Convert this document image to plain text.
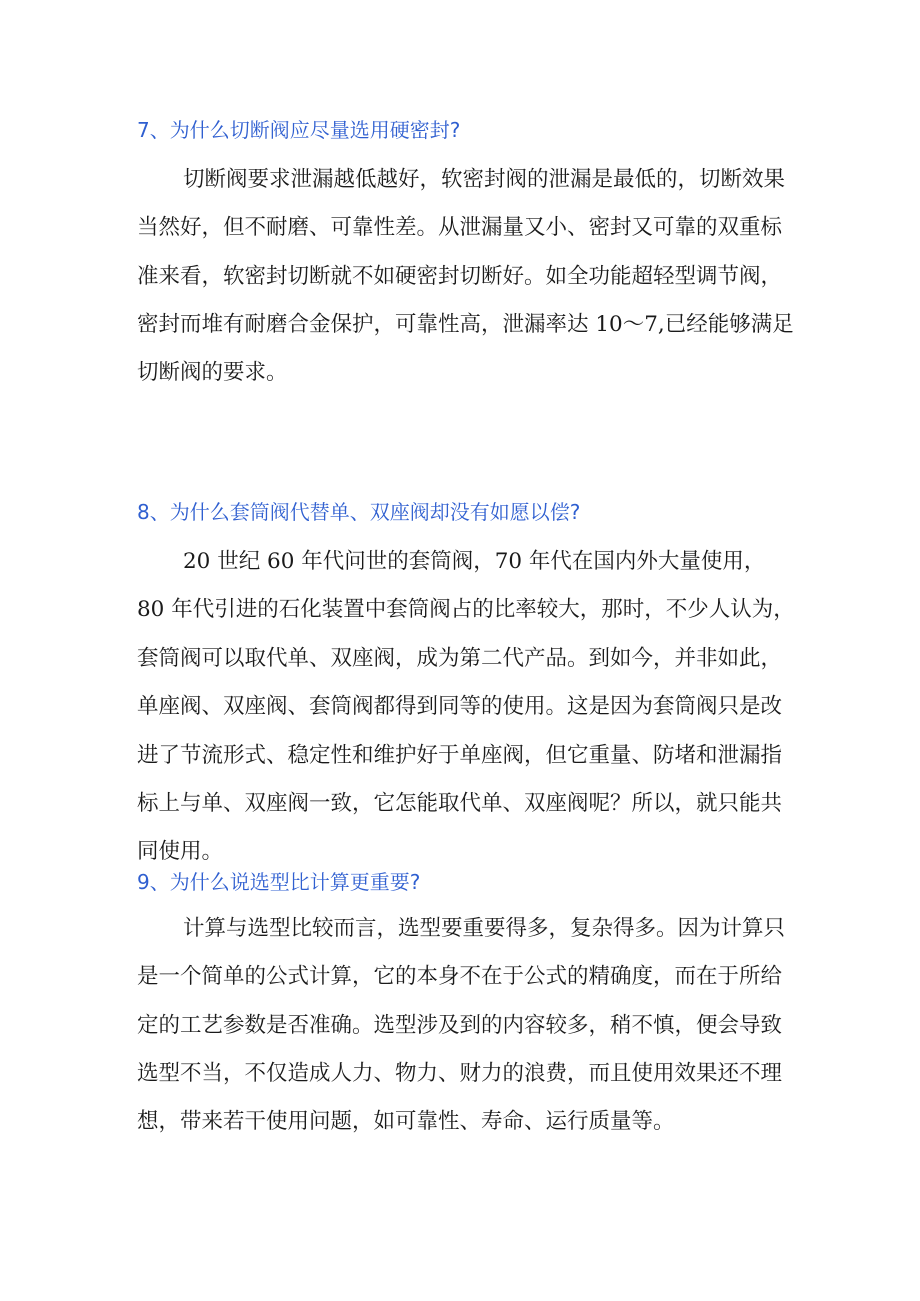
7、为什么切断阀应尽量选用硬密封?

切断阀要求泄漏越低越好，软密封阀的泄漏是最低的，切断效果

当然好，但不耐磨、可靠性差。从泄漏量又小、密封又可靠的双重标

准来看，软密封切断就不如硬密封切断好。如全功能超轻型调节阀，

密封而堆有耐磨合金保护，可靠性高，泄漏率达 10～7,已经能够满足

切断阀的要求。

8、为什么套筒阀代替单、双座阀却没有如愿以偿?

20 世纪 60 年代问世的套筒阀，70 年代在国内外大量使用，

80 年代引进的石化装置中套筒阀占的比率较大，那时，不少人认为，

套筒阀可以取代单、双座阀，成为第二代产品。到如今，并非如此，

单座阀、双座阀、套筒阀都得到同等的使用。这是因为套筒阀只是改

进了节流形式、稳定性和维护好于单座阀，但它重量、防堵和泄漏指

标上与单、双座阀一致，它怎能取代单、双座阀呢？所以，就只能共

同使用。

9、为什么说选型比计算更重要?

计算与选型比较而言，选型要重要得多，复杂得多。因为计算只

是一个简单的公式计算，它的本身不在于公式的精确度，而在于所给

定的工艺参数是否准确。选型涉及到的内容较多，稍不慎，便会导致

选型不当，不仅造成人力、物力、财力的浪费，而且使用效果还不理

想，带来若干使用问题，如可靠性、寿命、运行质量等。
